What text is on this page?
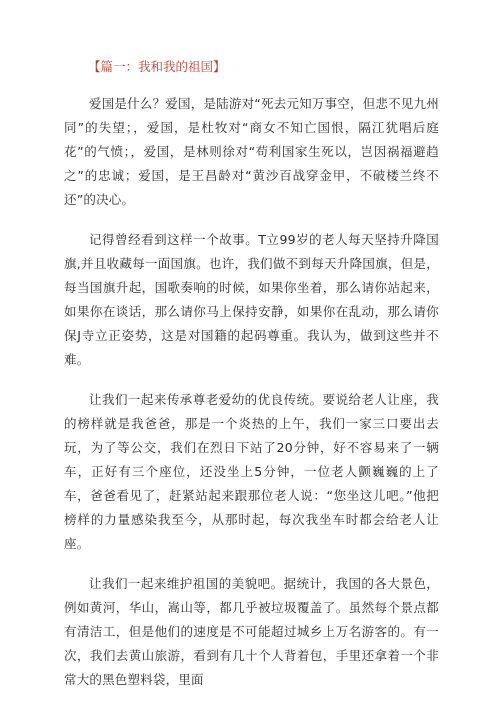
【篇一：我和我的祖国】

爱国是什么？爱国，是陆游对“死去元知万事空，但悲不见九州同”的失望；，爱国，是杜牧对“商女不知亡国恨，隔江犹唱后庭花”的气愤；，爱国，是林则徐对“苟利国家生死以，岂因祸福避趋之”的忠诚；爱国，是王昌龄对“黄沙百战穿金甲，不破楼兰终不还”的决心。

记得曾经看到这样一个故事。T立99岁的老人每天坚持升降国旗,并且收藏每一面国旗。也许，我们做不到每天升降国旗，但是，每当国旗升起，国歌奏响的时候，如果你坐着，那么请你站起来，如果你在谈话，那么请你马上保持安静，如果你在乱动，那么请你保J寺立正姿势，这是对国籍的起码尊重。我认为，做到这些并不难。

让我们一起来传承尊老爱幼的优良传统。要说给老人让座，我的榜样就是我爸爸，那是一个炎热的上午，我们一家三口要出去玩，为了等公交，我们在烈日下站了20分钟，好不容易来了一辆车，正好有三个座位，还没坐上5分钟，一位老人颤巍巍的上了车，爸爸看见了，赶紧站起来跟那位老人说：“您坐这儿吧。”他把榜样的力量感染我至今，从那时起，每次我坐车时都会给老人让座。

让我们一起来维护祖国的美貌吧。据统计，我国的各大景色，例如黄河，华山，嵩山等，都几乎被垃圾覆盖了。虽然每个景点都有清洁工，但是他们的速度是不可能超过城乡上万名游客的。有一次，我们去黄山旅游，看到有几十个人背着包，手里还拿着一个非常大的黑色塑料袋，里面
